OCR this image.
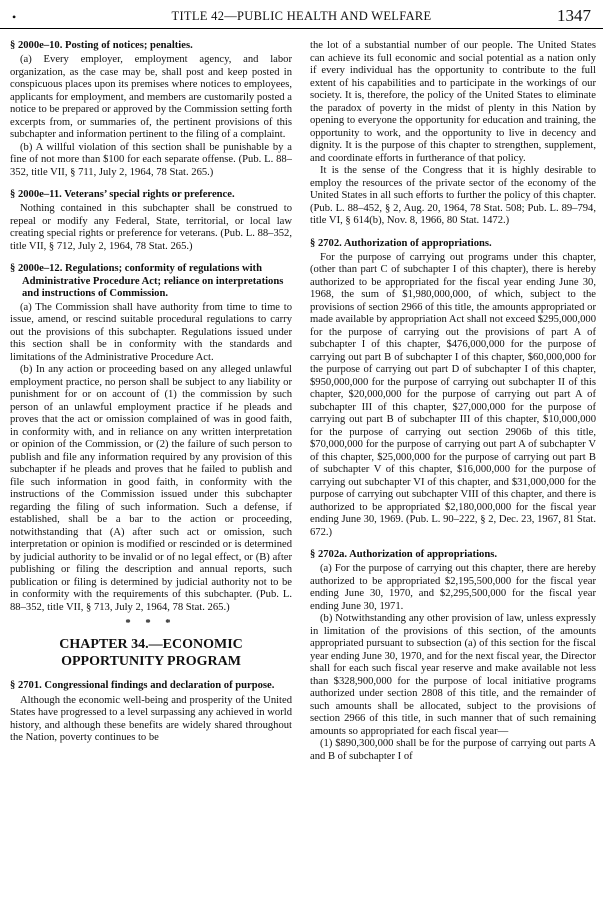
•	TITLE 42—PUBLIC HEALTH AND WELFARE	1347
§ 2000e–10. Posting of notices; penalties.

(a) Every employer, employment agency, and labor organization, as the case may be, shall post and keep posted in conspicuous places upon its premises where notices to employees, applicants for employment, and members are customarily posted a notice to be prepared or approved by the Commission setting forth excerpts from, or summaries of, the pertinent provisions of this subchapter and information pertinent to the filing of a complaint.

(b) A willful violation of this section shall be punishable by a fine of not more than $100 for each separate offense. (Pub. L. 88–352, title VII, § 711, July 2, 1964, 78 Stat. 265.)

§ 2000e–11. Veterans’ special rights or preference.

Nothing contained in this subchapter shall be construed to repeal or modify any Federal, State, territorial, or local law creating special rights or preference for veterans. (Pub. L. 88–352, title VII, § 712, July 2, 1964, 78 Stat. 265.)

§ 2000e–12. Regulations; conformity of regulations with Administrative Procedure Act; reliance on interpretations and instructions of Commission.

(a) The Commission shall have authority from time to time to issue, amend, or rescind suitable procedural regulations to carry out the provisions of this subchapter. Regulations issued under this section shall be in conformity with the standards and limitations of the Administrative Procedure Act.

(b) In any action or proceeding based on any alleged unlawful employment practice, no person shall be subject to any liability or punishment for or on account of (1) the commission by such person of an unlawful employment practice if he pleads and proves that the act or omission complained of was in good faith, in conformity with, and in reliance on any written interpretation or opinion of the Commission, or (2) the failure of such person to publish and file any information required by any provision of this subchapter if he pleads and proves that he failed to publish and file such information in good faith, in conformity with the instructions of the Commission issued under this subchapter regarding the filing of such information. Such a defense, if established, shall be a bar to the action or proceeding, notwithstanding that (A) after such act or omission, such interpretation or opinion is modified or rescinded or is determined by judicial authority to be invalid or of no legal effect, or (B) after publishing or filing the description and annual reports, such publication or filing is determined by judicial authority not to be in conformity with the requirements of this subchapter. (Pub. L. 88–352, title VII, § 713, July 2, 1964, 78 Stat. 265.)

* * *
CHAPTER 34.—ECONOMIC
OPPORTUNITY PROGRAM
§ 2701. Congressional findings and declaration of purpose.

Although the economic well-being and prosperity of the United States have progressed to a level surpassing any achieved in world history, and although these benefits are widely shared throughout the Nation, poverty continues to be

the lot of a substantial number of our people. The United States can achieve its full economic and social potential as a nation only if every individual has the opportunity to contribute to the full extent of his capabilities and to participate in the workings of our society. It is, therefore, the policy of the United States to eliminate the paradox of poverty in the midst of plenty in this Nation by opening to everyone the opportunity for education and training, the opportunity to work, and the opportunity to live in decency and dignity. It is the purpose of this chapter to strengthen, supplement, and coordinate efforts in furtherance of that policy.

It is the sense of the Congress that it is highly desirable to employ the resources of the private sector of the economy of the United States in all such efforts to further the policy of this chapter. (Pub. L. 88–452, § 2, Aug. 20, 1964, 78 Stat. 508; Pub. L. 89–794, title VI, § 614(b), Nov. 8, 1966, 80 Stat. 1472.)

§ 2702. Authorization of appropriations.

For the purpose of carrying out programs under this chapter, (other than part C of subchapter I of this chapter), there is hereby authorized to be appropriated for the fiscal year ending June 30, 1968, the sum of $1,980,000,000, of which, subject to the provisions of section 2966 of this title, the amounts appropriated or made available by appropriation Act shall not exceed $295,000,000 for the purpose of carrying out the provisions of part A of subchapter I of this chapter, $476,000,000 for the purpose of carrying out part B of subchapter I of this chapter, $60,000,000 for the purpose of carrying out part D of subchapter I of this chapter, $950,000,000 for the purpose of carrying out subchapter II of this chapter, $20,000,000 for the purpose of carrying out part A of subchapter III of this chapter, $27,000,000 for the purpose of carrying out part B of subchapter III of this chapter, $10,000,000 for the purpose of carrying out section 2906b of this title, $70,000,000 for the purpose of carrying out part A of subchapter V of this chapter, $25,000,000 for the purpose of carrying out part B of subchapter V of this chapter, $16,000,000 for the purpose of carrying out subchapter VI of this chapter, and $31,000,000 for the purpose of carrying out subchapter VIII of this chapter, and there is authorized to be appropriated $2,180,000,000 for the fiscal year ending June 30, 1969. (Pub. L. 90–222, § 2, Dec. 23, 1967, 81 Stat. 672.)

§ 2702a. Authorization of appropriations.

(a) For the purpose of carrying out this chapter, there are hereby authorized to be appropriated $2,195,500,000 for the fiscal year ending June 30, 1970, and $2,295,500,000 for the fiscal year ending June 30, 1971.

(b) Notwithstanding any other provision of law, unless expressly in limitation of the provisions of this section, of the amounts appropriated pursuant to subsection (a) of this section for the fiscal year ending June 30, 1970, and for the next fiscal year, the Director shall for each such fiscal year reserve and make available not less than $328,900,000 for the purpose of local initiative programs authorized under section 2808 of this title, and the remainder of such amounts shall be allocated, subject to the provisions of section 2966 of this title, in such manner that of such remaining amounts so appropriated for each fiscal year—

(1) $890,300,000 shall be for the purpose of carrying out parts A and B of subchapter I of
